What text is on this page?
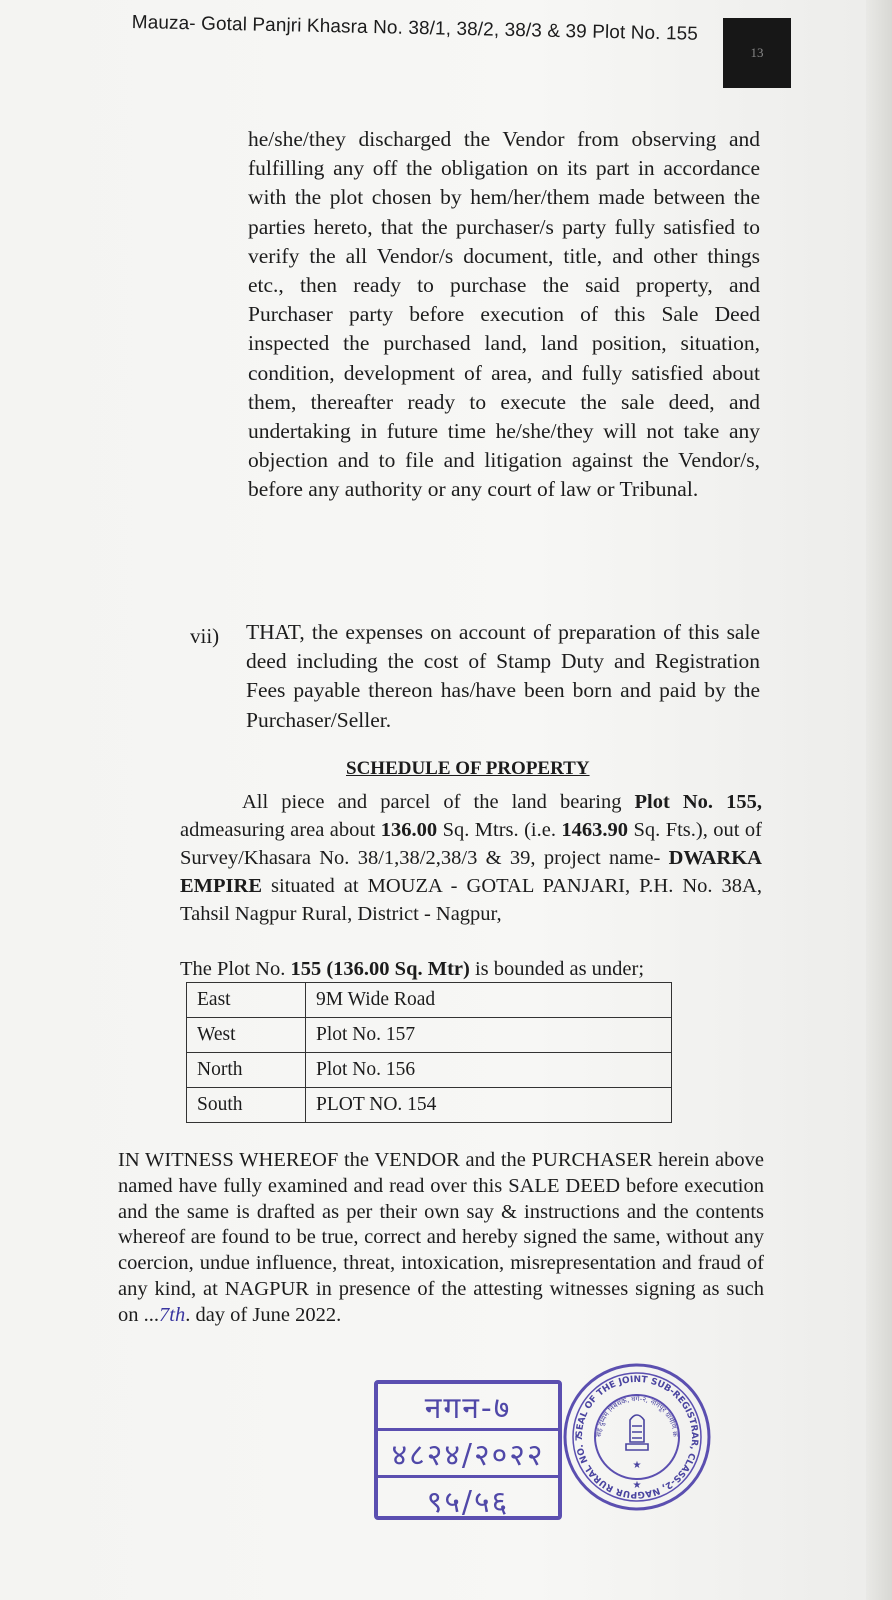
Mauza- Gotal Panjri Khasra No. 38/1, 38/2, 38/3 & 39 Plot No. 155
13
he/she/they discharged the Vendor from observing and fulfilling any off the obligation on its part in accordance with the plot chosen by hem/her/them made between the parties hereto, that the purchaser/s party fully satisfied to verify the all Vendor/s document, title, and other things etc., then ready to purchase the said property, and Purchaser party before execution of this Sale Deed inspected the purchased land, land position, situation, condition, development of area, and fully satisfied about them, thereafter ready to execute the sale deed, and undertaking in future time he/she/they will not take any objection and to file and litigation against the Vendor/s, before any authority or any court of law or Tribunal.
vii) THAT, the expenses on account of preparation of this sale deed including the cost of Stamp Duty and Registration Fees payable thereon has/have been born and paid by the Purchaser/Seller.
SCHEDULE OF PROPERTY
All piece and parcel of the land bearing Plot No. 155, admeasuring area about 136.00 Sq. Mtrs. (i.e. 1463.90 Sq. Fts.), out of Survey/Khasara No. 38/1,38/2,38/3 & 39, project name- DWARKA EMPIRE situated at MOUZA - GOTAL PANJARI, P.H. No. 38A, Tahsil Nagpur Rural, District - Nagpur,
The Plot No. 155 (136.00 Sq. Mtr) is bounded as under;
East	9M Wide Road
West	Plot No. 157
North	Plot No. 156
South	PLOT NO. 154
IN WITNESS WHEREOF the VENDOR and the PURCHASER herein above named have fully examined and read over this SALE DEED before execution and the same is drafted as per their own say & instructions and the contents whereof are found to be true, correct and hereby signed the same, without any coercion, undue influence, threat, intoxication, misrepresentation and fraud of any kind, at NAGPUR in presence of the attesting witnesses signing as such on ...7th. day of June 2022.
नगन-७
४८२४/२०२२
९५/५६
SEAL OF THE JOINT SUB-REGISTRAR, CLASS-2, NAGPUR RURAL NO. 7
सह दुय्यम निबंधक, वर्ग-२, नागपूर ग्रामीण क्र
★
★
